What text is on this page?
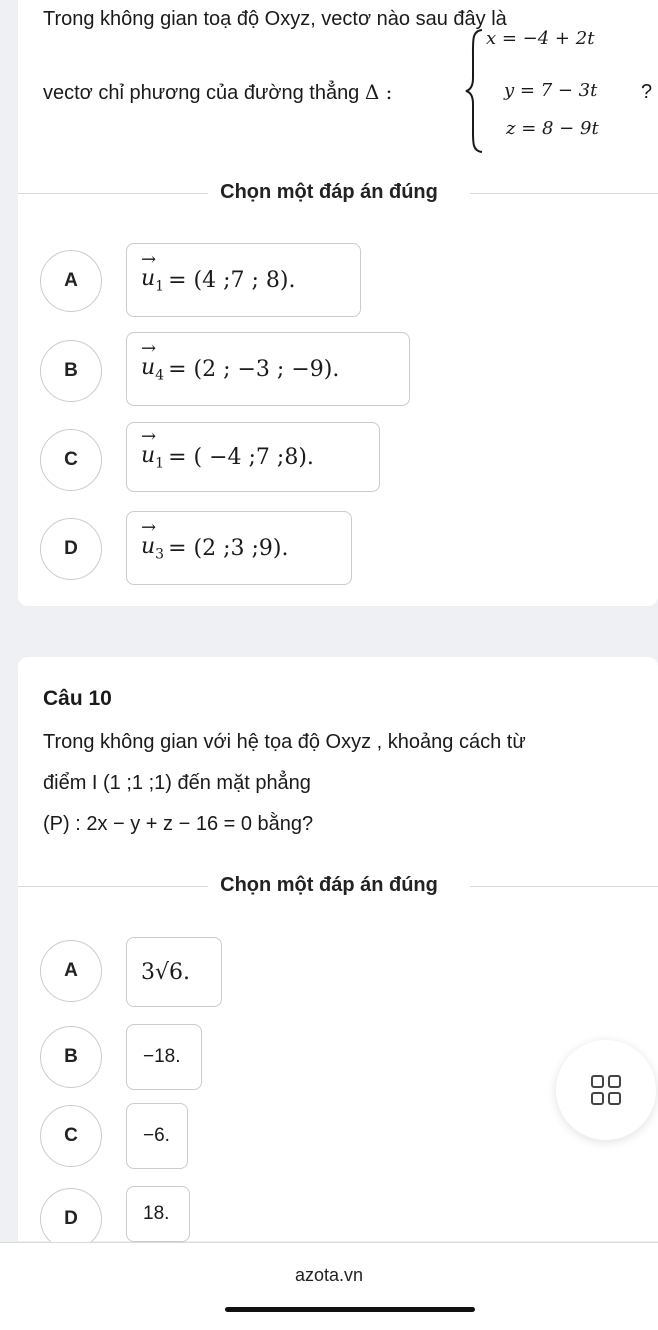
Trong không gian toạ độ Oxyz, vectơ nào sau đây là
vectơ chỉ phương của đường thẳng Δ :
x = −4 + 2t
y = 7 − 3t
z = 8 − 9t
?
Chọn một đáp án đúng
A
→
$u_1 = (4$ ;7 ; 8).
B
→
$u_4 = (2$ ; −3 ; −9).
C
→
$u_1$ = ( −4 ;7 ;8).
D
→
$u_3 = (2$ ;3 ;9).
Câu 10
Trong không gian với hệ tọa độ Oxyz , khoảng cách từ
điểm I (1 ;1 ;1) đến mặt phẳng
(P) : 2x − y + z − 16 = 0 bằng?
Chọn một đáp án đúng
A	3√6.
B	−18.
C	−6.
D	18.
azota.vn
